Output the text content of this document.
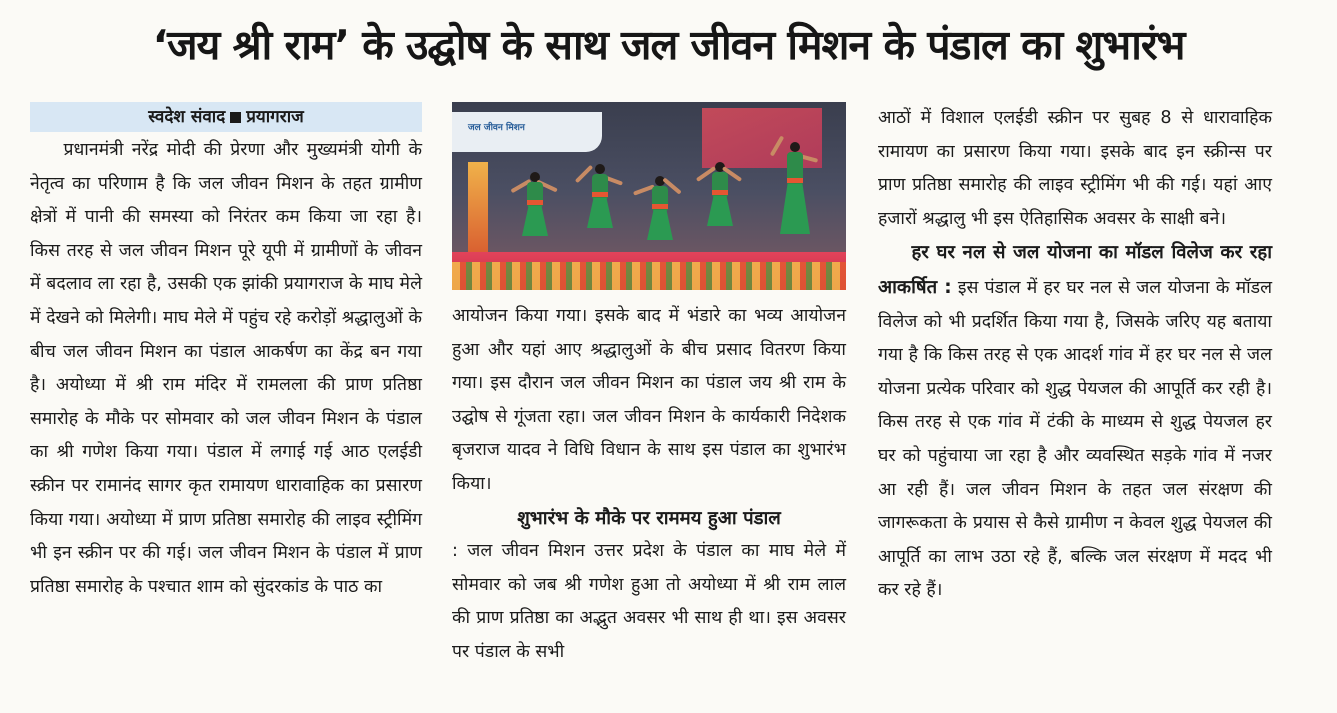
‘जय श्री राम’ के उद्घोष के साथ जल जीवन मिशन के पंडाल का शुभारंभ
स्वदेश संवाद प्रयागराज

प्रधानमंत्री नरेंद्र मोदी की प्रेरणा और मुख्यमंत्री योगी के नेतृत्व का परिणाम है कि जल जीवन मिशन के तहत ग्रामीण क्षेत्रों में पानी की समस्या को निरंतर कम किया जा रहा है। किस तरह से जल जीवन मिशन पूरे यूपी में ग्रामीणों के जीवन में बदलाव ला रहा है, उसकी एक झांकी प्रयागराज के माघ मेले में देखने को मिलेगी। माघ मेले में पहुंच रहे करोड़ों श्रद्धालुओं के बीच जल जीवन मिशन का पंडाल आकर्षण का केंद्र बन गया है। अयोध्या में श्री राम मंदिर में रामलला की प्राण प्रतिष्ठा समारोह के मौके पर सोमवार को जल जीवन मिशन के पंडाल का श्री गणेश किया गया। पंडाल में लगाई गई आठ एलईडी स्क्रीन पर रामानंद सागर कृत रामायण धारावाहिक का प्रसारण किया गया। अयोध्या में प्राण प्रतिष्ठा समारोह की लाइव स्ट्रीमिंग भी इन स्क्रीन पर की गई। जल जीवन मिशन के पंडाल में प्राण प्रतिष्ठा समारोह के पश्चात शाम को सुंदरकांड के पाठ का

जल जीवन मिशन

आयोजन किया गया। इसके बाद में भंडारे का भव्य आयोजन हुआ और यहां आए श्रद्धालुओं के बीच प्रसाद वितरण किया गया। इस दौरान जल जीवन मिशन का पंडाल जय श्री राम के उद्घोष से गूंजता रहा। जल जीवन मिशन के कार्यकारी निदेशक बृजराज यादव ने विधि विधान के साथ इस पंडाल का शुभारंभ किया।

शुभारंभ के मौके पर राममय हुआ पंडाल

: जल जीवन मिशन उत्तर प्रदेश के पंडाल का माघ मेले में सोमवार को जब श्री गणेश हुआ तो अयोध्या में श्री राम लाल की प्राण प्रतिष्ठा का अद्भुत अवसर भी साथ ही था। इस अवसर पर पंडाल के सभी

आठों में विशाल एलईडी स्क्रीन पर सुबह 8 से धारावाहिक रामायण का प्रसारण किया गया। इसके बाद इन स्क्रीन्स पर प्राण प्रतिष्ठा समारोह की लाइव स्ट्रीमिंग भी की गई। यहां आए हजारों श्रद्धालु भी इस ऐतिहासिक अवसर के साक्षी बने।

हर घर नल से जल योजना का मॉडल विलेज कर रहा आकर्षित : इस पंडाल में हर घर नल से जल योजना के मॉडल विलेज को भी प्रदर्शित किया गया है, जिसके जरिए यह बताया गया है कि किस तरह से एक आदर्श गांव में हर घर नल से जल योजना प्रत्येक परिवार को शुद्ध पेयजल की आपूर्ति कर रही है। किस तरह से एक गांव में टंकी के माध्यम से शुद्ध पेयजल हर घर को पहुंचाया जा रहा है और व्यवस्थित सड़के गांव में नजर आ रही हैं। जल जीवन मिशन के तहत जल संरक्षण की जागरूकता के प्रयास से कैसे ग्रामीण न केवल शुद्ध पेयजल की आपूर्ति का लाभ उठा रहे हैं, बल्कि जल संरक्षण में मदद भी कर रहे हैं।
